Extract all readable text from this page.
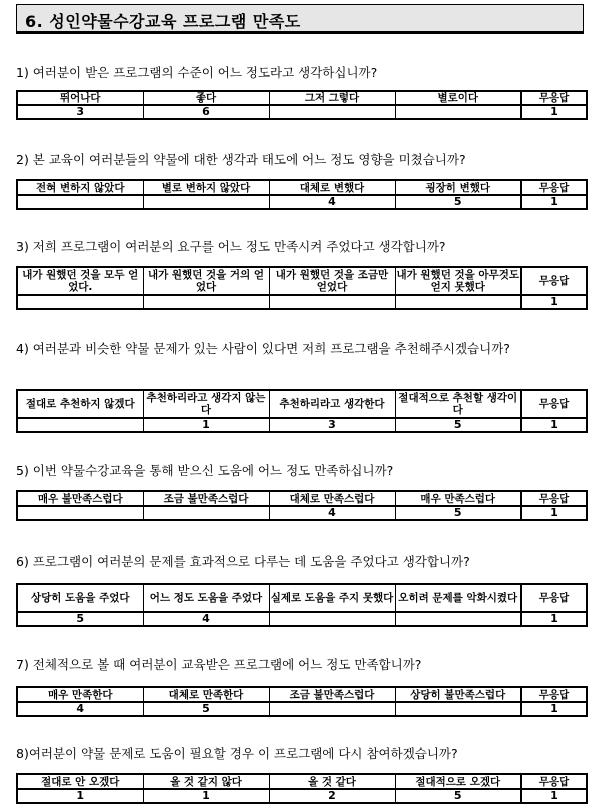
6. 성인약물수강교육 프로그램 만족도
1) 여러분이 받은 프로그램의 수준이 어느 정도라고 생각하십니까?
뛰어나다	좋다	그저 그렇다	별로이다	무응답
3	6			1
2) 본 교육이 여러분들의 약물에 대한 생각과 태도에 어느 정도 영향을 미쳤습니까?
전혀 변하지 않았다	별로 변하지 않았다	대체로 변했다	굉장히 변했다	무응답
		4	5	1
3) 저희 프로그램이 여러분의 요구를 어느 정도 만족시켜 주었다고 생각합니까?
내가 원했던 것을 모두 얻었다.	내가 원했던 것을 거의 얻었다	내가 원했던 것을 조금만 얻었다	내가 원했던 것을 아무것도 얻지 못했다	무응답
				1
4) 여러분과 비슷한 약물 문제가 있는 사람이 있다면 저희 프로그램을 추천해주시겠습니까?
절대로 추천하지 않겠다	추천하리라고 생각지 않는다	추천하리라고 생각한다	절대적으로 추천할 생각이다	무응답
	1	3	5	1
5) 이번 약물수강교육을 통해 받으신 도움에 어느 정도 만족하십니까?
매우 불만족스럽다	조금 불만족스럽다	대체로 만족스럽다	매우 만족스럽다	무응답
		4	5	1
6) 프로그램이 여러분의 문제를 효과적으로 다루는 데 도움을 주었다고 생각합니까?
상당히 도움을 주었다	어느 정도 도움을 주었다	실제로 도움을 주지 못했다	오히려 문제를 악화시켰다	무응답
5	4			1
7) 전체적으로 볼 때 여러분이 교육받은 프로그램에 어느 정도 만족합니까?
매우 만족한다	대체로 만족한다	조금 불만족스럽다	상당히 불만족스럽다	무응답
4	5			1
8)여러분이 약물 문제로 도움이 필요할 경우 이 프로그램에 다시 참여하겠습니까?
절대로 안 오겠다	올 것 같지 않다	올 것 같다	절대적으로 오겠다	무응답
1	1	2	5	1
